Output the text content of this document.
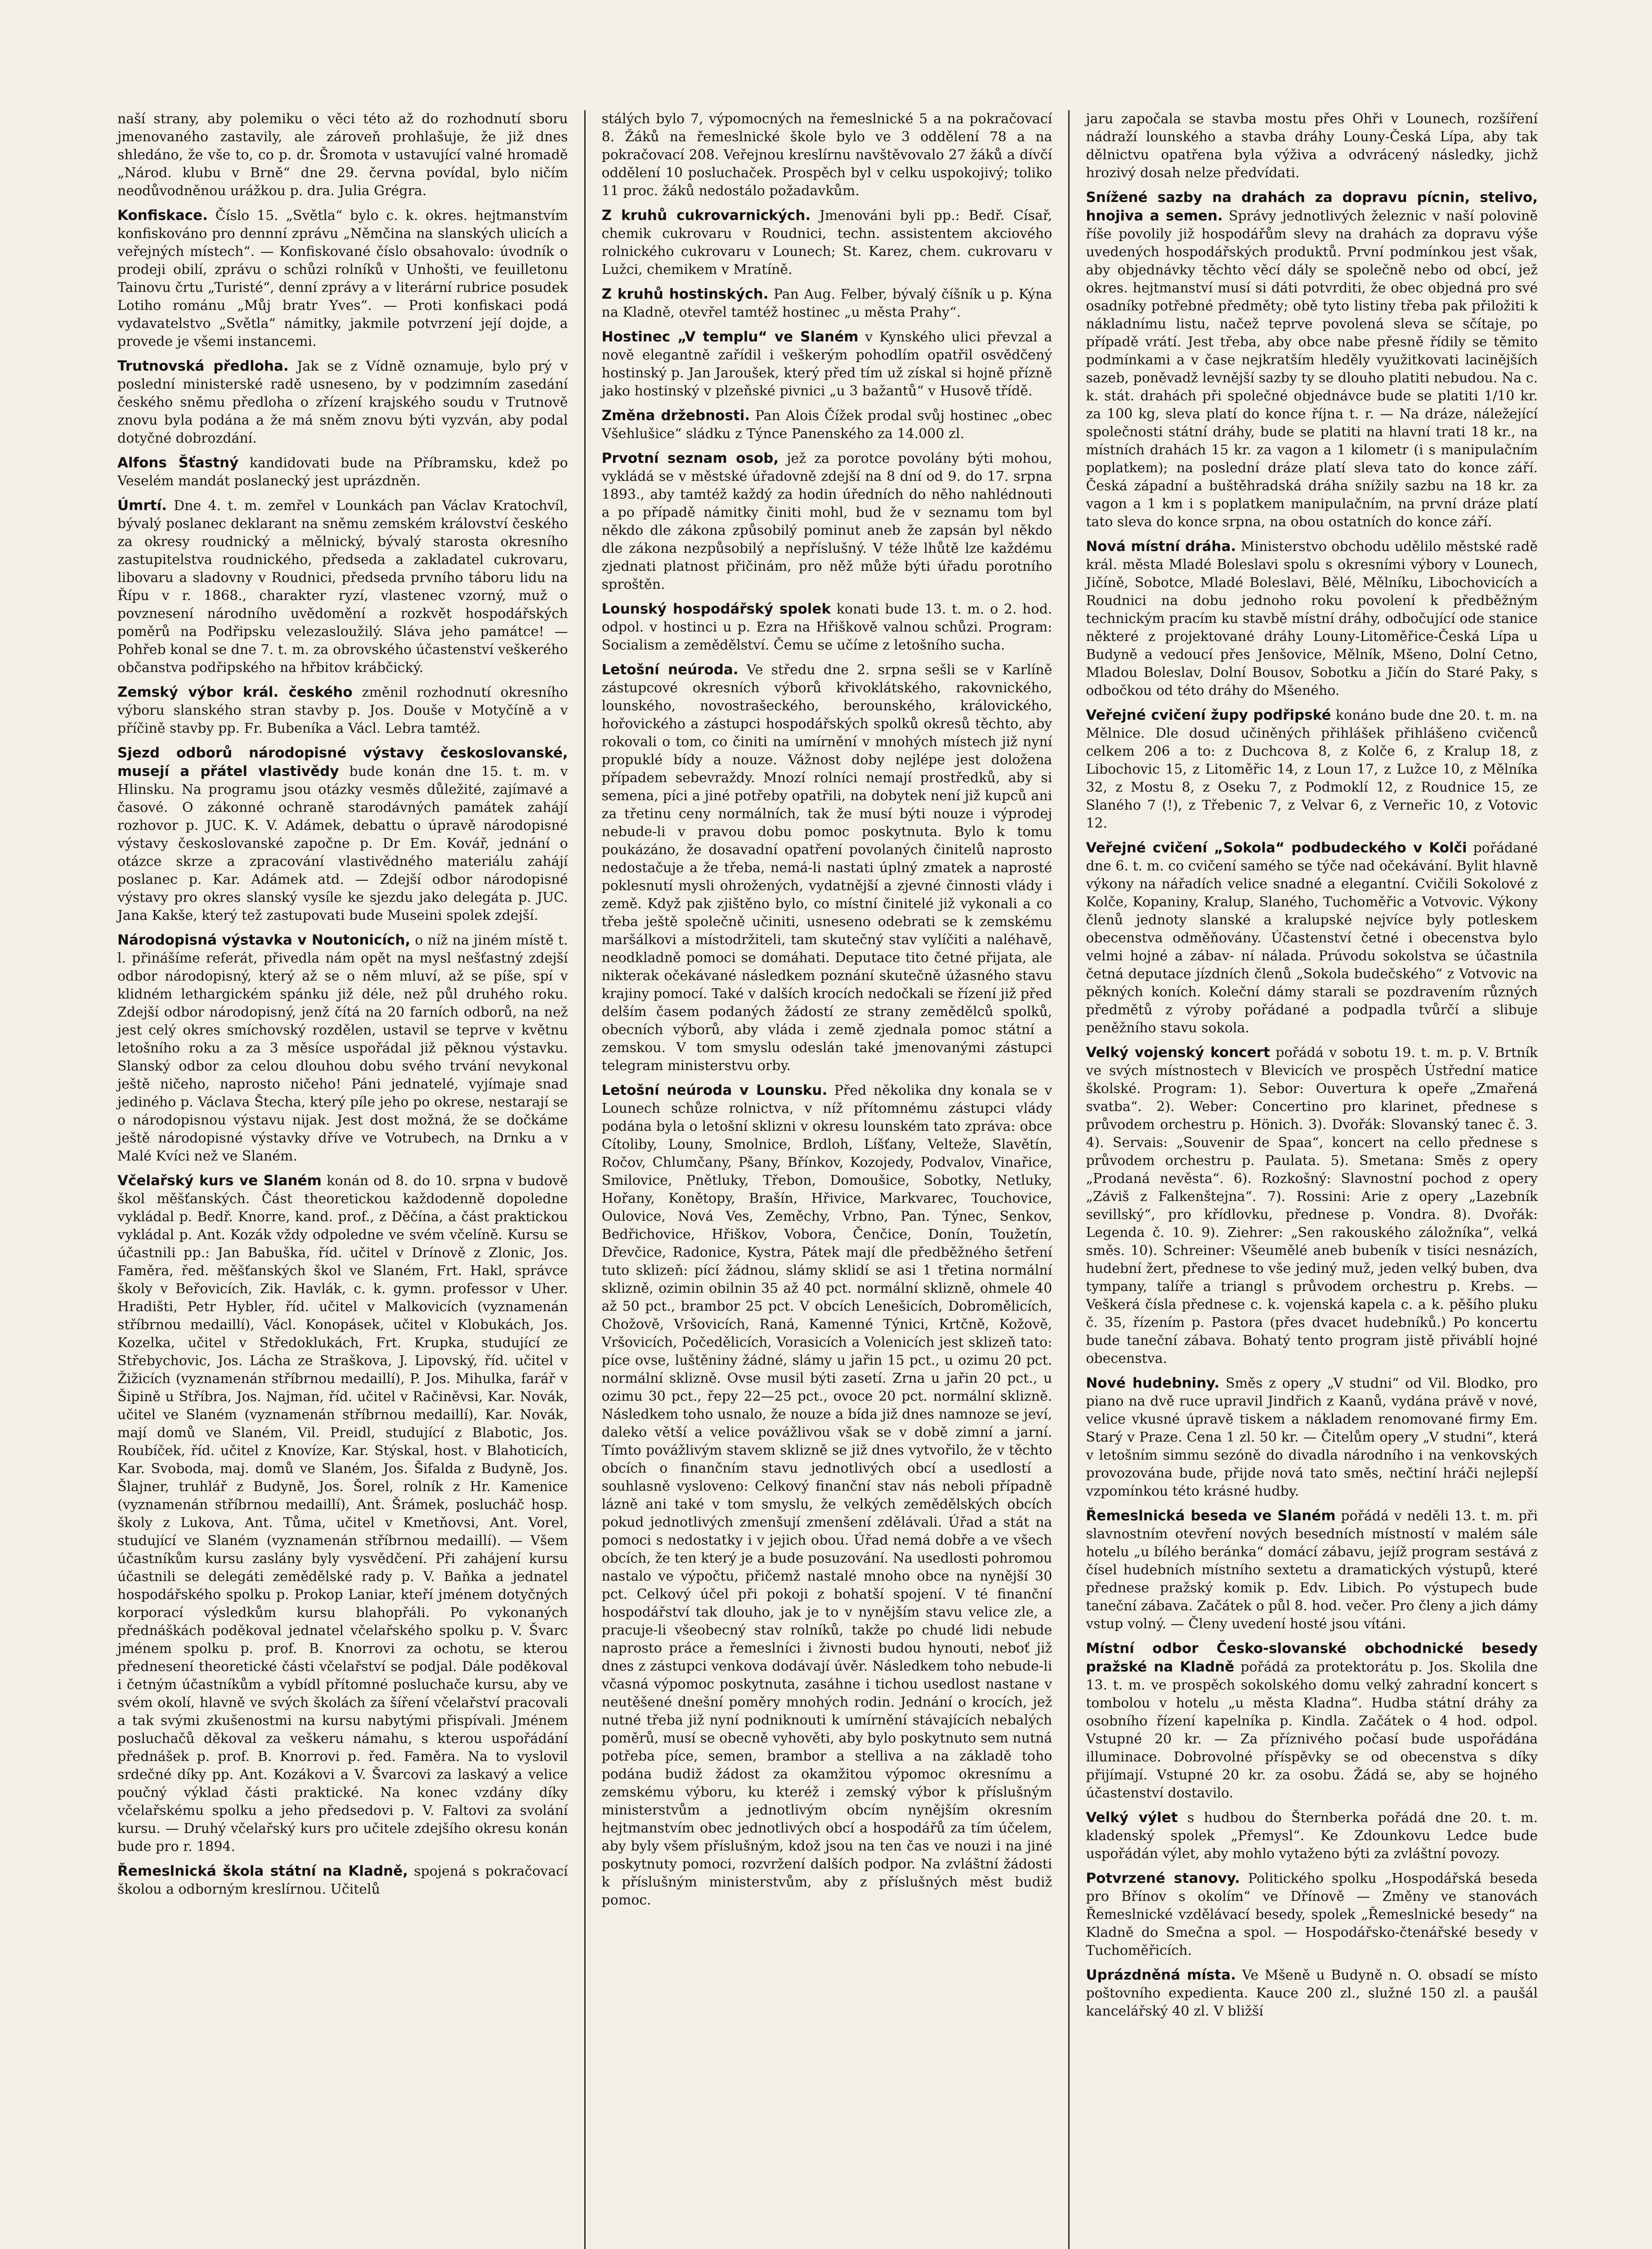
naší strany, aby polemiku o věci této až do rozhodnutí sboru jmenovaného zastavily, ale zároveň prohlašuje, že již dnes shledáno, že vše to, co p. dr. Šromota v ustavující valné hromadě „Národ. klubu v Brně“ dne 29. června povídal, bylo ničím neodůvodněnou urážkou p. dra. Julia Grégra.
Konfiskace. Číslo 15. „Světla“ bylo c. k. okres. hejtmanstvím konfiskováno pro dennní zprávu „Němčina na slanských ulicích a veřejných místech“. — Konfiskované číslo obsahovalo: úvodník o prodeji obilí, zprávu o schůzi rolníků v Unhošti, ve feuilletonu Tainovu črtu „Turisté“, denní zprávy a v literární rubrice posudek Lotiho románu „Můj bratr Yves“. — Proti konfiskaci podá vydavatelstvo „Světla“ námitky, jakmile potvrzení její dojde, a provede je všemi instancemi.
Trutnovská předloha. Jak se z Vídně oznamuje, bylo prý v poslední ministerské radě usneseno, by v podzimním zasedání českého sněmu předloha o zřízení krajského soudu v Trutnově znovu byla podána a že má sněm znovu býti vyzván, aby podal dotyčné dobrozdání.
Alfons Šťastný kandidovati bude na Příbramsku, kdež po Veselém mandát poslanecký jest uprázdněn.
Úmrtí. Dne 4. t. m. zemřel v Lounkách pan Václav Kratochvíl, bývalý poslanec deklarant na sněmu zemském království českého za okresy roudnický a mělnický, bývalý starosta okresního zastupitelstva roudnického, předseda a zakladatel cukrovaru, libovaru a sladovny v Roudnici, předseda prvního táboru lidu na Řípu v r. 1868., charakter ryzí, vlastenec vzorný, muž o povznesení národního uvědomění a rozkvět hospodářských poměrů na Podřipsku velezasloužilý. Sláva jeho památce! — Pohřeb konal se dne 7. t. m. za obrovského účastenství veškerého občanstva podřipského na hřbitov krábčický.
Zemský výbor král. českého změnil rozhodnutí okresního výboru slanského stran stavby p. Jos. Douše v Motyčíně a v příčině stavby pp. Fr. Bubeníka a Václ. Lebra tamtéž.
Sjezd odborů národopisné výstavy českoslovanské, musejí a přátel vlastivědy bude konán dne 15. t. m. v Hlinsku. Na programu jsou otázky vesměs důležité, zajímavé a časové. O zákonné ochraně starodávných památek zahájí rozhovor p. JUC. K. V. Adámek, debattu o úpravě národopisné výstavy českoslovanské započne p. Dr Em. Kovář, jednání o otázce skrze a zpracování vlastivědného materiálu zahájí poslanec p. Kar. Adámek atd. — Zdejší odbor národopisné výstavy pro okres slanský vysíle ke sjezdu jako delegáta p. JUC. Jana Kakše, který tež zastupovati bude Museini spolek zdejší.
Národopisná výstavka v Noutonicích, o níž na jiném místě t. l. přinášíme referát, přivedla nám opět na mysl nešťastný zdejší odbor národopisný, který až se o něm mluví, až se píše, spí v klidném lethargickém spánku již déle, než půl druhého roku. Zdejší odbor národopisný, jenž čítá na 20 farních odborů, na než jest celý okres smíchovský rozdělen, ustavil se teprve v květnu letošního roku a za 3 měsíce uspořádal již pěknou výstavku. Slanský odbor za celou dlouhou dobu svého trvání nevykonal ještě ničeho, naprosto ničeho! Páni jednatelé, vyjímaje snad jediného p. Václava Štecha, který píle jeho po okrese, nestarají se o národopisnou výstavu nijak. Jest dost možná, že se dočkáme ještě národopisné výstavky dříve ve Votrubech, na Drnku a v Malé Kvíci než ve Slaném.
Včelařský kurs ve Slaném konán od 8. do 10. srpna v budově škol měšťanských. Část theoretickou každodenně dopoledne vykládal p. Bedř. Knorre, kand. prof., z Děčína, a část praktickou vykládal p. Ant. Kozák vždy odpoledne ve svém včelíně. Kursu se účastnili pp.: Jan Babuška, říd. učitel v Drínově z Zlonic, Jos. Faměra, řed. měšťanských škol ve Slaném, Frt. Hakl, správce školy v Beřovicích, Zik. Havlák, c. k. gymn. professor v Uher. Hradišti, Petr Hybler, říd. učitel v Malkovicích (vyznamenán stříbrnou medaillí), Václ. Konopásek, učitel v Klobukách, Jos. Kozelka, učitel v Středoklukách, Frt. Krupka, studující ze Střebychovic, Jos. Lácha ze Straškova, J. Lipovský, říd. učitel v Žižicích (vyznamenán stříbrnou medaillí), P. Jos. Mihulka, farář v Šipině u Stříbra, Jos. Najman, říd. učitel v Račiněvsi, Kar. Novák, učitel ve Slaném (vyznamenán stříbrnou medaillí), Kar. Novák, mají domů ve Slaném, Vil. Preidl, studující z Blabotic, Jos. Roubíček, říd. učitel z Knovíze, Kar. Stýskal, host. v Blahoticích, Kar. Svoboda, maj. domů ve Slaném, Jos. Šifalda z Budyně, Jos. Šlajner, truhlář z Budyně, Jos. Šorel, rolník z Hr. Kamenice (vyznamenán stříbrnou medaillí), Ant. Šrámek, poslucháč hosp. školy z Lukova, Ant. Tůma, učitel v Kmetňovsi, Ant. Vorel, studující ve Slaném (vyznamenán stříbrnou medaillí). — Všem účastníkům kursu zaslány byly vysvědčení. Při zahájení kursu účastnili se delegáti zemědělské rady p. V. Baňka a jednatel hospodářského spolku p. Prokop Laniar, kteří jménem dotyčných korporací výsledkům kursu blahopřáli. Po vykonaných přednáškách poděkoval jednatel včelařského spolku p. V. Švarc jménem spolku p. prof. B. Knorrovi za ochotu, se kterou přednesení theoretické části včelařství se podjal. Dále poděkoval i četným účastníkům a vybídl přítomné posluchače kursu, aby ve svém okolí, hlavně ve svých školách za šíření včelařství pracovali a tak svými zkušenostmi na kursu nabytými přispívali. Jménem posluchačů děkoval za veškeru námahu, s kterou uspořádání přednášek p. prof. B. Knorrovi p. řed. Faměra. Na to vyslovil srdečné díky pp. Ant. Kozákovi a V. Švarcovi za laskavý a velice poučný výklad části praktické. Na konec vzdány díky včelařskému spolku a jeho předsedovi p. V. Faltovi za svolání kursu. — Druhý včelařský kurs pro učitele zdejšího okresu konán bude pro r. 1894.
Řemeslnická škola státní na Kladně, spojená s pokračovací školou a odborným kreslírnou. Učitelů
stálých bylo 7, výpomocných na řemeslnické 5 a na pokračovací 8. Žáků na řemeslnické škole bylo ve 3 oddělení 78 a na pokračovací 208. Veřejnou kreslírnu navštěvovalo 27 žáků a dívčí oddělení 10 posluchaček. Prospěch byl v celku uspokojivý; toliko 11 proc. žáků nedostálo požadavkům.
Z kruhů cukrovarnických. Jmenováni byli pp.: Bedř. Císař, chemik cukrovaru v Roudnici, techn. assistentem akciového rolnického cukrovaru v Lounech; St. Karez, chem. cukrovaru v Lužci, chemikem v Mratíně.
Z kruhů hostinských. Pan Aug. Felber, bývalý číšník u p. Kýna na Kladně, otevřel tamtéž hostinec „u města Prahy“.
Hostinec „V templu“ ve Slaném v Kynského ulici převzal a nově elegantně zařídil i veškerým pohodlím opatřil osvědčený hostinský p. Jan Jaroušek, který před tím už získal si hojně přízně jako hostinský v plzeňské pivnici „u 3 bažantů“ v Husově třídě.
Změna držebnosti. Pan Alois Čížek prodal svůj hostinec „obec Všehlušice“ sládku z Týnce Panenského za 14.000 zl.
Prvotní seznam osob, jež za porotce povolány býti mohou, vykládá se v městské úřadovně zdejší na 8 dní od 9. do 17. srpna 1893., aby tamtéž každý za hodin úředních do něho nahlédnouti a po případě námitky činiti mohl, bud že v seznamu tom byl někdo dle zákona způsobilý pominut aneb že zapsán byl někdo dle zákona nezpůsobilý a nepříslušný. V téže lhůtě lze každému zjednati platnost přičinám, pro něž může býti úřadu porotního sproštěn.
Lounský hospodářský spolek konati bude 13. t. m. o 2. hod. odpol. v hostinci u p. Ezra na Hřiškově valnou schůzi. Program: Socialism a zemědělství. Čemu se učíme z letošního sucha.
Letošní neúroda. Ve středu dne 2. srpna sešli se v Karlíně zástupcové okresních výborů křivoklátského, rakovnického, lounského, novostrašeckého, berounského, královického, hořovického a zástupci hospodářských spolků okresů těchto, aby rokovali o tom, co činiti na umírnění v mnohých místech již nyní propuklé bídy a nouze. Vážnost doby nejlépe jest doložena případem sebevraždy. Mnozí rolníci nemají prostředků, aby si semena, píci a jiné potřeby opatřili, na dobytek není již kupců ani za třetinu ceny normálních, tak že musí býti nouze i výprodej nebude-li v pravou dobu pomoc poskytnuta. Bylo k tomu poukázáno, že dosavadní opatření povolaných činitelů naprosto nedostačuje a že třeba, nemá-li nastati úplný zmatek a naprosté poklesnutí mysli ohrožených, vydatnější a zjevné činnosti vlády i země. Když pak zjištěno bylo, co místní činitelé již vykonali a co třeba ještě společně učiniti, usneseno odebrati se k zemskému maršálkovi a místodržiteli, tam skutečný stav vylíčiti a naléhavě, neodkladně pomoci se domáhati. Deputace tito četné přijata, ale nikterak očekávané následkem poznání skutečně úžasného stavu krajiny pomocí. Také v dalších krocích nedočkali se řízení již před delším časem podaných žádostí ze strany zemědělců spolků, obecních výborů, aby vláda i země zjednala pomoc státní a zemskou. V tom smyslu odeslán také jmenovanými zástupci telegram ministerstvu orby.
Letošní neúroda v Lounsku. Před několika dny konala se v Lounech schůze rolnictva, v níž přítomnému zástupci vlády podána byla o letošní sklizni v okresu lounském tato zpráva: obce Cítoliby, Louny, Smolnice, Brdloh, Líšťany, Velteže, Slavětín, Ročov, Chlumčany, Pšany, Břínkov, Kozojedy, Podvalov, Vinařice, Smilovice, Pnětluky, Třebon, Domoušice, Sobotky, Netluky, Hořany, Konětopy, Brašín, Hřivice, Markvarec, Touchovice, Oulovice, Nová Ves, Zeměchy, Vrbno, Pan. Týnec, Senkov, Bedřichovice, Hřiškov, Vobora, Čenčice, Donín, Toužetín, Dřevčice, Radonice, Kystra, Pátek mají dle předběžného šetření tuto sklizeň: pící žádnou, slámy sklidí se asi 1 třetina normální sklizně, ozimin obilnin 35 až 40 pct. normální sklizně, ohmele 40 až 50 pct., brambor 25 pct. V obcích Lenešicích, Dobromělicích, Chožově, Vršovicích, Raná, Kamenné Týnici, Krtčně, Kožově, Vršovicích, Počedělicích, Vorasicích a Volenicích jest sklizeň tato: píce ovse, luštěniny žádné, slámy u jařin 15 pct., u ozimu 20 pct. normální sklizně. Ovse musil býti zasetí. Zrna u jařin 20 pct., u ozimu 30 pct., řepy 22—25 pct., ovoce 20 pct. normální sklizně. Následkem toho usnalo, že nouze a bída již dnes namnoze se jeví, daleko větší a velice povážlivou však se v době zimní a jarní. Tímto povážlivým stavem sklizně se již dnes vytvořilo, že v těchto obcích o finančním stavu jednotlivých obcí a usedlostí a souhlasně vysloveno: Celkový finanční stav nás neboli případně lázně ani také v tom smyslu, že velkých zemědělských obcích pokud jednotlivých zmenšují zmenšení zdělávali. Úřad a stát na pomoci s nedostatky i v jejich obou. Úřad nemá dobře a ve všech obcích, že ten který je a bude posuzování. Na usedlosti pohromou nastalo ve výpočtu, přičemž nastalé mnoho obce na nynější 30 pct. Celkový účel při pokoji z bohatší spojení. V té finanční hospodářství tak dlouho, jak je to v nynějším stavu velice zle, a pracuje-li všeobecný stav rolníků, takže po chudé lidi nebude naprosto práce a řemeslníci i živnosti budou hynouti, neboť již dnes z zástupci venkova dodávají úvěr. Následkem toho nebude-li včasná výpomoc poskytnuta, zasáhne i tichou usedlost nastane v neutěšené dnešní poměry mnohých rodin. Jednání o krocích, jež nutné třeba již nyní podniknouti k umírnění stávajících nebalých poměrů, musí se obecně vyhověti, aby bylo poskytnuto sem nutná potřeba píce, semen, brambor a stelliva a na základě toho podána budiž žádost za okamžitou výpomoc okresnímu a zemskému výboru, ku kteréž i zemský výbor k příslušným ministerstvům a jednotlivým obcím nynějším okresním hejtmanstvím obec jednotlivých obcí a hospodářů za tím účelem, aby byly všem příslušným, kdož jsou na ten čas ve nouzi i na jiné poskytnuty pomoci, rozvržení dalších podpor. Na zvláštní žádosti k příslušným ministerstvům, aby z příslušných měst budiž pomoc.
jaru započala se stavba mostu přes Ohři v Lounech, rozšíření nádraží lounského a stavba dráhy Louny-Česká Lípa, aby tak dělnictvu opatřena byla výživa a odvrácený následky, jichž hrozivý dosah nelze předvídati.
Snížené sazby na drahách za dopravu pícnin, stelivo, hnojiva a semen. Správy jednotlivých železnic v naší polovině říše povolily již hospodářům slevy na drahách za dopravu výše uvedených hospodářských produktů. První podmínkou jest však, aby objednávky těchto věcí dály se společně nebo od obcí, jež okres. hejtmanství musí si dáti potvrditi, že obec objedná pro své osadníky potřebné předměty; obě tyto listiny třeba pak přiložiti k nákladnímu listu, načež teprve povolená sleva se sčítaje, po případě vrátí. Jest třeba, aby obce nabe přesně řídily se těmito podmínkami a v čase nejkratším hleděly využitkovati lacinějších sazeb, poněvadž levnější sazby ty se dlouho platiti nebudou. Na c. k. stát. drahách při společné objednávce bude se platiti 1/10 kr. za 100 kg, sleva platí do konce října t. r. — Na dráze, náležející společnosti státní dráhy, bude se platiti na hlavní trati 18 kr., na místních drahách 15 kr. za vagon a 1 kilometr (i s manipulačním poplatkem); na poslední dráze platí sleva tato do konce září. Česká západní a buštěhradská dráha snížily sazbu na 18 kr. za vagon a 1 km i s poplatkem manipulačním, na první dráze platí tato sleva do konce srpna, na obou ostatních do konce září.
Nová místní dráha. Ministerstvo obchodu udělilo městské radě král. města Mladé Boleslavi spolu s okresními výbory v Lounech, Jičíně, Sobotce, Mladé Boleslavi, Bělé, Mělníku, Libochovicích a Roudnici na dobu jednoho roku povolení k předběžným technickým pracím ku stavbě místní dráhy, odbočující ode stanice některé z projektované dráhy Louny-Litoměřice-Česká Lípa u Budyně a vedoucí přes Jenšovice, Mělník, Mšeno, Dolní Cetno, Mladou Boleslav, Dolní Bousov, Sobotku a Jičín do Staré Paky, s odbočkou od této dráhy do Mšeného.
Veřejné cvičení župy podřipské konáno bude dne 20. t. m. na Mělnice. Dle dosud učiněných přihlášek přihlášeno cvičenců celkem 206 a to: z Duchcova 8, z Kolče 6, z Kralup 18, z Libochovic 15, z Litoměřic 14, z Loun 17, z Lužce 10, z Mělníka 32, z Mostu 8, z Oseku 7, z Podmoklí 12, z Roudnice 15, ze Slaného 7 (!), z Třebenic 7, z Velvar 6, z Verneřic 10, z Votovic 12.
Veřejné cvičení „Sokola“ podbudeckého v Kolči pořádané dne 6. t. m. co cvičení samého se týče nad očekávání. Bylit hlavně výkony na nářadích velice snadné a elegantní. Cvičili Sokolové z Kolče, Kopaniny, Kralup, Slaného, Tuchoměřic a Votvovic. Výkony členů jednoty slanské a kralupské nejvíce byly potleskem obecenstva odměňovány. Účastenství četné i obecenstva bylo velmi hojné a zábav- ní nálada. Prúvodu sokolstva se účastnila četná deputace jízdních členů „Sokola budečského“ z Votvovic na pěkných koních. Koleční dámy starali se pozdravením různých předmětů z výroby pořádané a podpadla tvůrčí a slibuje peněžního stavu sokola.
Velký vojenský koncert pořádá v sobotu 19. t. m. p. V. Brtník ve svých místnostech v Blevicích ve prospěch Ústřední matice školské. Program: 1). Sebor: Ouvertura k opeře „Zmařená svatba“. 2). Weber: Concertino pro klarinet, přednese s průvodem orchestru p. Hönich. 3). Dvořák: Slovanský tanec č. 3. 4). Servais: „Souvenir de Spaa“, koncert na cello přednese s průvodem orchestru p. Paulata. 5). Smetana: Směs z opery „Prodaná nevěsta“. 6). Rozkošný: Slavnostní pochod z opery „Záviš z Falkenštejna“. 7). Rossini: Arie z opery „Lazebník sevillský“, pro křídlovku, přednese p. Vondra. 8). Dvořák: Legenda č. 10. 9). Ziehrer: „Sen rakouského záložníka“, velká směs. 10). Schreiner: Všeumělé aneb bubeník v tisíci nesnázích, hudební žert, přednese to vše jediný muž, jeden velký buben, dva tympany, talíře a triangl s průvodem orchestru p. Krebs. — Veškerá čísla přednese c. k. vojenská kapela c. a k. pěšího pluku č. 35, řízením p. Pastora (přes dvacet hudebníků.) Po koncertu bude taneční zábava. Bohatý tento program jistě přiváblí hojné obecenstva.
Nové hudebniny. Směs z opery „V studni“ od Vil. Blodko, pro piano na dvě ruce upravil Jindřich z Kaanů, vydána právě v nové, velice vkusné úpravě tiskem a nákladem renomované firmy Em. Starý v Praze. Cena 1 zl. 50 kr. — Čitelům opery „V studni“, která v letošním simmu sezóně do divadla národního i na venkovských provozována bude, přijde nová tato směs, nečtiní hráči nejlepší vzpomínkou této krásné hudby.
Řemeslnická beseda ve Slaném pořádá v neděli 13. t. m. při slavnostním otevření nových besedních místností v malém sále hotelu „u bílého beránka“ domácí zábavu, jejíž program sestává z čísel hudebních místního sextetu a dramatických výstupů, které přednese pražský komik p. Edv. Libich. Po výstupech bude taneční zábava. Začátek o půl 8. hod. večer. Pro členy a jich dámy vstup volný. — Členy uvedení hosté jsou vítáni.
Místní odbor Česko-slovanské obchodnické besedy pražské na Kladně pořádá za protektorátu p. Jos. Skolila dne 13. t. m. ve prospěch sokolského domu velký zahradní koncert s tombolou v hotelu „u města Kladna“. Hudba státní dráhy za osobního řízení kapelníka p. Kindla. Začátek o 4 hod. odpol. Vstupné 20 kr. — Za příznivého počasí bude uspořádána illuminace. Dobrovolné příspěvky se od obecenstva s díky přijímají. Vstupné 20 kr. za osobu. Žádá se, aby se hojného účastenství dostavilo.
Velký výlet s hudbou do Šternberka pořádá dne 20. t. m. kladenský spolek „Přemysl“. Ke Zdounkovu Ledce bude uspořádán výlet, aby mohlo vytaženo býti za zvláštní povozy.
Potvrzené stanovy. Politického spolku „Hospodářská beseda pro Břínov s okolím“ ve Dřínově — Změny ve stanovách Řemeslnické vzdělávací besedy, spolek „Řemeslnické besedy“ na Kladně do Smečna a spol. — Hospodářsko-čtenářské besedy v Tuchoměřicích.
Uprázdněná místa. Ve Mšeně u Budyně n. O. obsadí se místo poštovního expedienta. Kauce 200 zl., služné 150 zl. a paušál kancelářský 40 zl. V bližší
